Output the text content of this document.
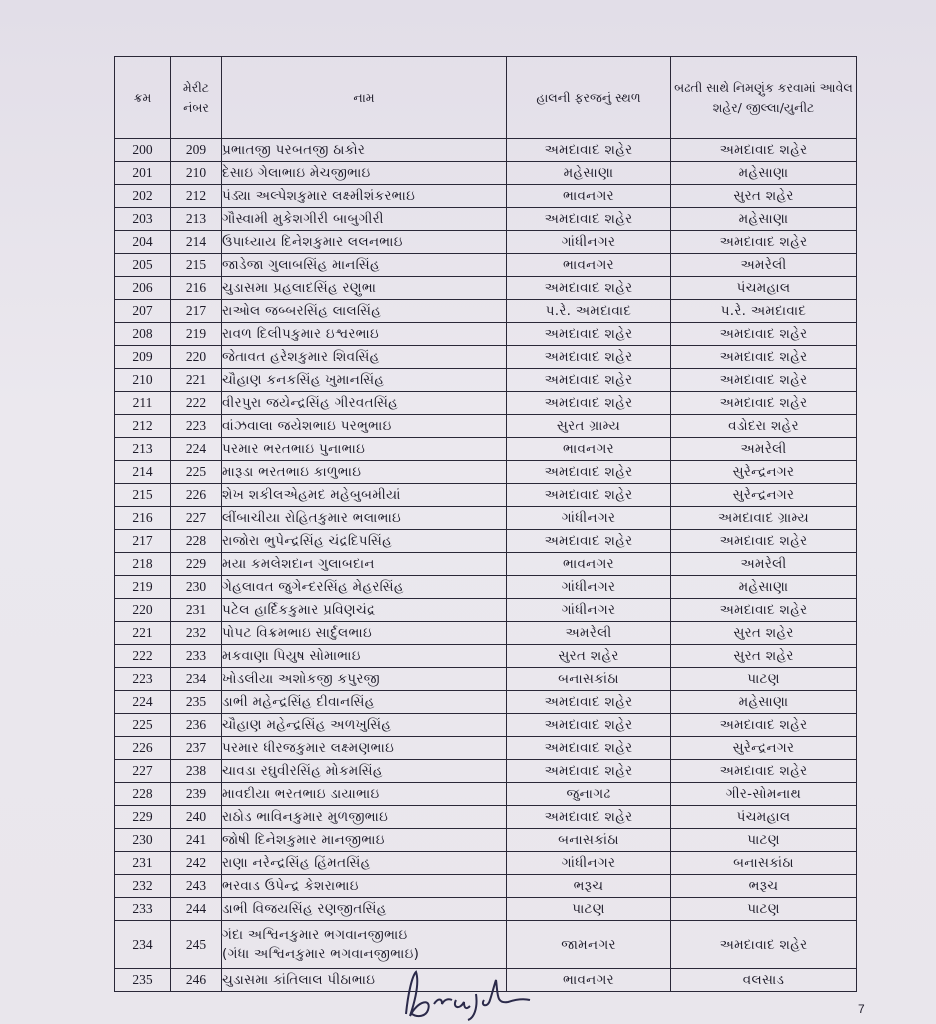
ક્રમ	મેરીટ નંબર	નામ	હાલની ફરજનું સ્થળ	બઢતી સાથે નિમણુંક કરવામાં આવેલ શહેર/ જીલ્લા/યુનીટ
200	209	પ્રભાતજી પરબતજી ઠાકોર	અમદાવાદ શહેર	અમદાવાદ શહેર
201	210	દેસાઇ ગેલાભાઇ મેચજીભાઇ	મહેસાણા	મહેસાણા
202	212	પંડ્યા અલ્પેશકુમાર લક્ષ્મીશંકરભાઇ	ભાવનગર	સુરત શહેર
203	213	ગૌસ્વામી મુકેશગીરી બાબુગીરી	અમદાવાદ શહેર	મહેસાણા
204	214	ઉપાધ્યાય દિનેશકુમાર લલનભાઇ	ગાંધીનગર	અમદાવાદ શહેર
205	215	જાડેજા ગુલાબસિંહ માનસિંહ	ભાવનગર	અમરેલી
206	216	ચુડાસમા પ્રહલાદસિંહ રણુભા	અમદાવાદ શહેર	પંચમહાલ
207	217	રાઓલ જબ્બરસિંહ લાલસિંહ	પ.રે. અમદાવાદ	પ.રે. અમદાવાદ
208	219	રાવળ દિલીપકુમાર ઇશ્વરભાઇ	અમદાવાદ શહેર	અમદાવાદ શહેર
209	220	જેતાવત હરેશકુમાર શિવસિંહ	અમદાવાદ શહેર	અમદાવાદ શહેર
210	221	ચૌહાણ કનકસિંહ ખુમાનસિંહ	અમદાવાદ શહેર	અમદાવાદ શહેર
211	222	વીરપુરા જયેન્દ્રસિંહ ગીરવતસિંહ	અમદાવાદ શહેર	અમદાવાદ શહેર
212	223	વાંઝવાલા જયેશભાઇ પરભુભાઇ	સુરત ગ્રામ્ય	વડોદરા શહેર
213	224	પરમાર ભરતભાઇ પુનાભાઇ	ભાવનગર	અમરેલી
214	225	મારૂડા ભરતભાઇ કાળુભાઇ	અમદાવાદ શહેર	સુરેન્દ્રનગર
215	226	શેખ શકીલએહમદ મહેબુબમીયાં	અમદાવાદ શહેર	સુરેન્દ્રનગર
216	227	લીંબાચીયા રોહિતકુમાર ભલાભાઇ	ગાંધીનગર	અમદાવાદ ગ્રામ્ય
217	228	રાજોરા ભુપેન્દ્રસિંહ ચંદ્રદિપસિંહ	અમદાવાદ શહેર	અમદાવાદ શહેર
218	229	મયા કમલેશદાન ગુલાબદાન	ભાવનગર	અમરેલી
219	230	ગેહલાવત જુગેન્દરસિંહ મેહરસિંહ	ગાંધીનગર	મહેસાણા
220	231	પટેલ હાર્દિકકુમાર પ્રવિણચંદ્ર	ગાંધીનગર	અમદાવાદ શહેર
221	232	પોપટ વિક્રમભાઇ સાર્દુલભાઇ	અમરેલી	સુરત શહેર
222	233	મકવાણા પિયુષ સોમાભાઇ	સુરત શહેર	સુરત શહેર
223	234	ખોડલીયા અશોકજી કપુરજી	બનાસકાંઠા	પાટણ
224	235	ડાભી મહેન્દ્રસિંહ દીવાનસિંહ	અમદાવાદ શહેર	મહેસાણા
225	236	ચૌહાણ મહેન્દ્રસિંહ અળખુસિંહ	અમદાવાદ શહેર	અમદાવાદ શહેર
226	237	પરમાર ધીરજકુમાર લક્ષ્મણભાઇ	અમદાવાદ શહેર	સુરેન્દ્રનગર
227	238	ચાવડા રઘુવીરસિંહ મોકમસિંહ	અમદાવાદ શહેર	અમદાવાદ શહેર
228	239	માવદીયા ભરતભાઇ ડાયાભાઇ	જુનાગઢ	ગીર-સોમનાથ
229	240	રાઠોડ ભાવિનકુમાર મુળજીભાઇ	અમદાવાદ શહેર	પંચમહાલ
230	241	જોષી દિનેશકુમાર માનજીભાઇ	બનાસકાંઠા	પાટણ
231	242	રાણા નરેન્દ્રસિંહ હિંમતસિંહ	ગાંધીનગર	બનાસકાંઠા
232	243	ભરવાડ ઉપેન્દ્ર કેશરાભાઇ	ભરૂચ	ભરૂચ
233	244	ડાભી વિજયસિંહ રણજીતસિંહ	પાટણ	પાટણ
234	245	ગંદા અશ્વિનકુમાર ભગવાનજીભાઇ
(ગંધા અશ્વિનકુમાર ભગવાનજીભાઇ)	જામનગર	અમદાવાદ શહેર
235	246	ચુડાસમા કાંતિલાલ પીઠાભાઇ	ભાવનગર	વલસાડ
7
